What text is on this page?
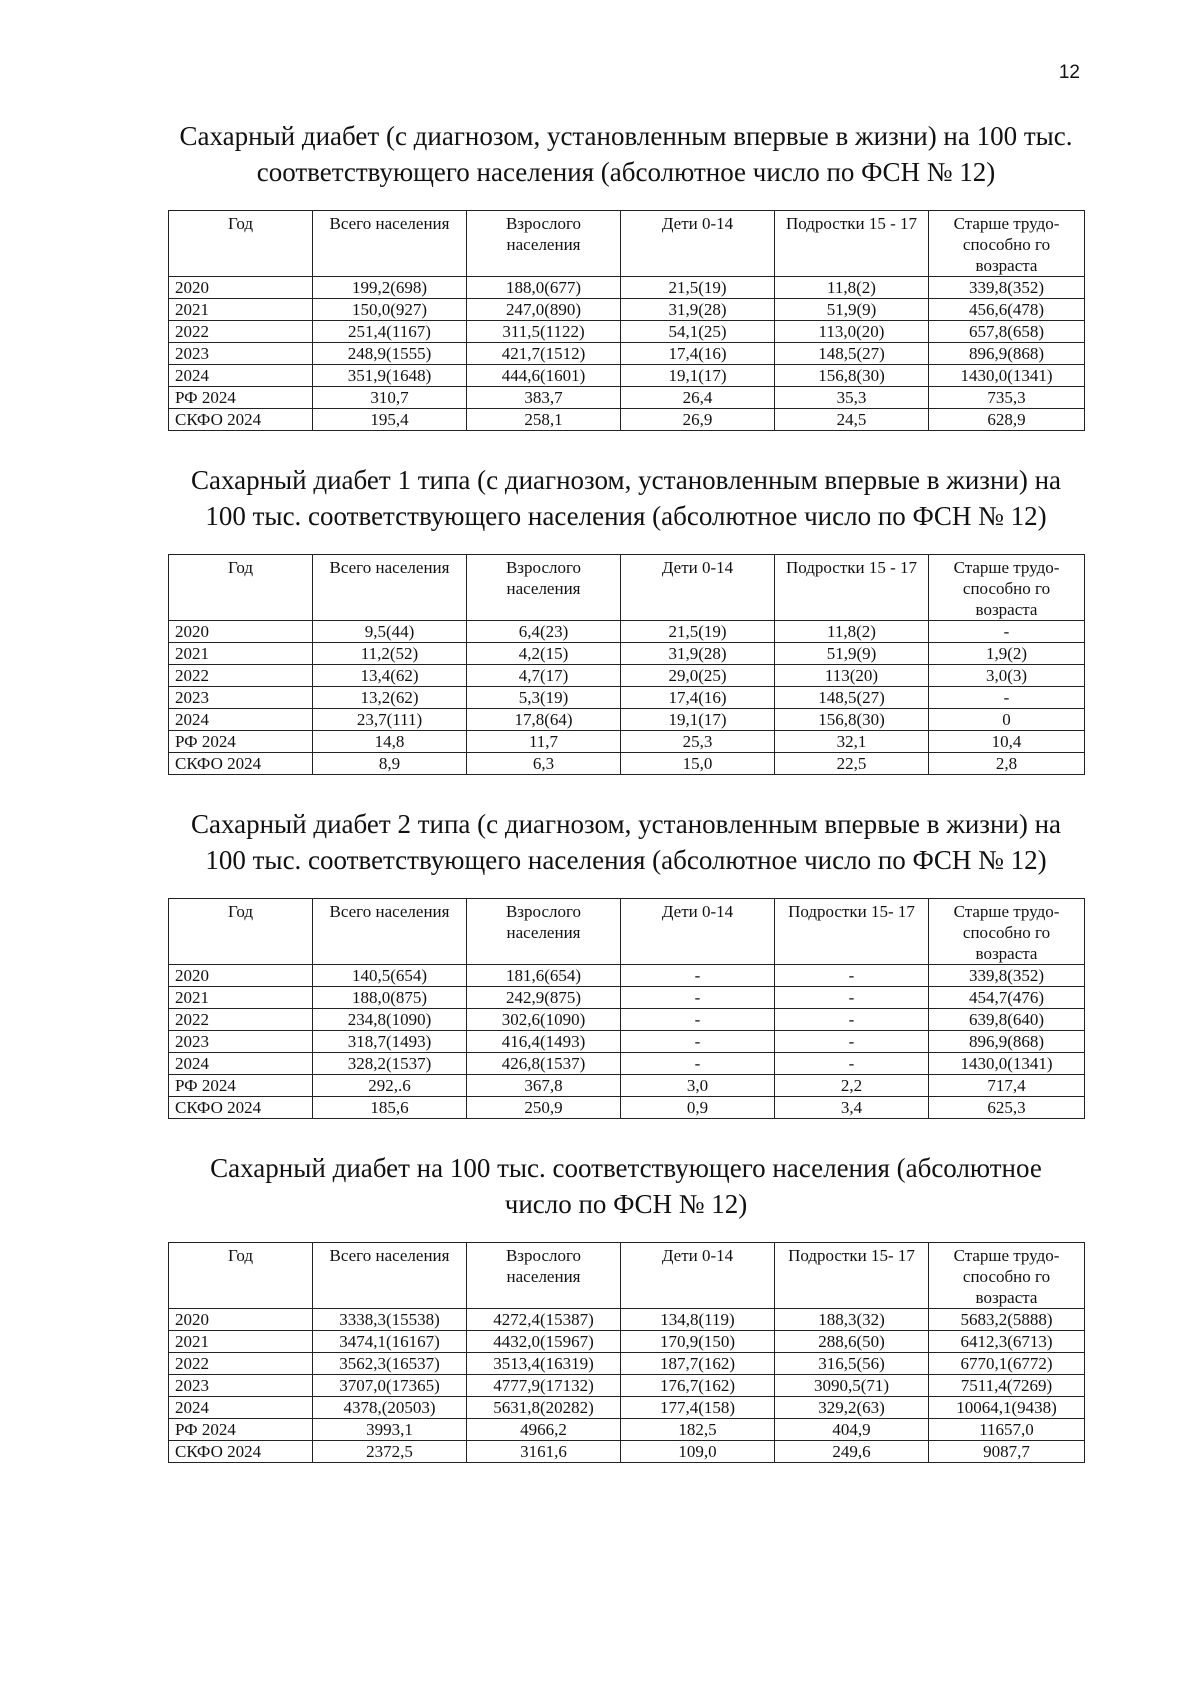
12
Сахарный диабет (с диагнозом, установленным впервые в жизни) на 100 тыс. соответствующего населения (абсолютное число по ФСН № 12)
Год	Всего населения	Взрослого населения	Дети 0-14	Подростки 15 - 17	Старше трудо-способно го возраста
2020	199,2(698)	188,0(677)	21,5(19)	11,8(2)	339,8(352)
2021	150,0(927)	247,0(890)	31,9(28)	51,9(9)	456,6(478)
2022	251,4(1167)	311,5(1122)	54,1(25)	113,0(20)	657,8(658)
2023	248,9(1555)	421,7(1512)	17,4(16)	148,5(27)	896,9(868)
2024	351,9(1648)	444,6(1601)	19,1(17)	156,8(30)	1430,0(1341)
РФ 2024	310,7	383,7	26,4	35,3	735,3
СКФО 2024	195,4	258,1	26,9	24,5	628,9
Сахарный диабет 1 типа (с диагнозом, установленным впервые в жизни) на 100 тыс. соответствующего населения (абсолютное число по ФСН № 12)
Год	Всего населения	Взрослого населения	Дети 0-14	Подростки 15 - 17	Старше трудо-способно го возраста
2020	9,5(44)	6,4(23)	21,5(19)	11,8(2)	-
2021	11,2(52)	4,2(15)	31,9(28)	51,9(9)	1,9(2)
2022	13,4(62)	4,7(17)	29,0(25)	113(20)	3,0(3)
2023	13,2(62)	5,3(19)	17,4(16)	148,5(27)	-
2024	23,7(111)	17,8(64)	19,1(17)	156,8(30)	0
РФ 2024	14,8	11,7	25,3	32,1	10,4
СКФО 2024	8,9	6,3	15,0	22,5	2,8
Сахарный диабет 2 типа (с диагнозом, установленным впервые в жизни) на 100 тыс. соответствующего населения (абсолютное число по ФСН № 12)
Год	Всего населения	Взрослого населения	Дети 0-14	Подростки 15- 17	Старше трудо-способно го возраста
2020	140,5(654)	181,6(654)	-	-	339,8(352)
2021	188,0(875)	242,9(875)	-	-	454,7(476)
2022	234,8(1090)	302,6(1090)	-	-	639,8(640)
2023	318,7(1493)	416,4(1493)	-	-	896,9(868)
2024	328,2(1537)	426,8(1537)	-	-	1430,0(1341)
РФ 2024	292,.6	367,8	3,0	2,2	717,4
СКФО 2024	185,6	250,9	0,9	3,4	625,3
Сахарный диабет на 100 тыс. соответствующего населения (абсолютное число по ФСН № 12)
Год	Всего населения	Взрослого населения	Дети 0-14	Подростки 15- 17	Старше трудо-способно го возраста
2020	3338,3(15538)	4272,4(15387)	134,8(119)	188,3(32)	5683,2(5888)
2021	3474,1(16167)	4432,0(15967)	170,9(150)	288,6(50)	6412,3(6713)
2022	3562,3(16537)	3513,4(16319)	187,7(162)	316,5(56)	6770,1(6772)
2023	3707,0(17365)	4777,9(17132)	176,7(162)	3090,5(71)	7511,4(7269)
2024	4378,(20503)	5631,8(20282)	177,4(158)	329,2(63)	10064,1(9438)
РФ 2024	3993,1	4966,2	182,5	404,9	11657,0
СКФО 2024	2372,5	3161,6	109,0	249,6	9087,7
